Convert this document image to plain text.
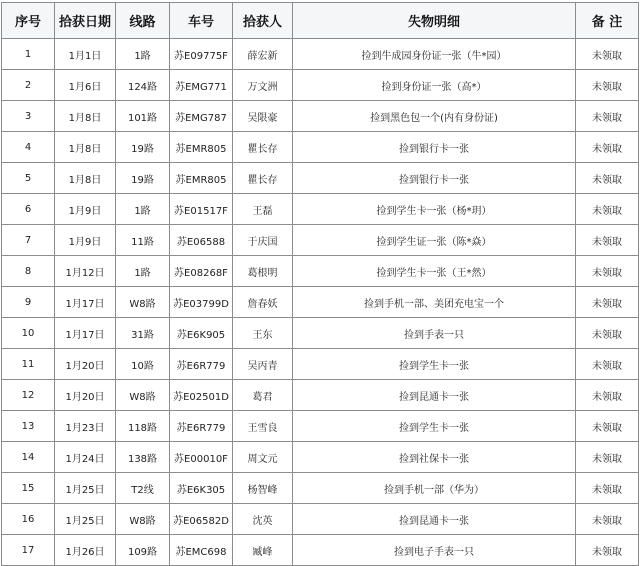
序号	拾获日期	线路	车号	拾获人	失物明细	备 注
1	1月1日	1路	苏E09775F	薛宏新	捡到牛成园身份证一张（牛*园）	未领取
2	1月6日	124路	苏EMG771	万文洲	捡到身份证一张（高*）	未领取
3	1月8日	101路	苏EMG787	吴限豪	捡到黑色包一个(内有身份证)	未领取
4	1月8日	19路	苏EMR805	瞿长存	捡到银行卡一张	未领取
5	1月8日	19路	苏EMR805	瞿长存	捡到银行卡一张	未领取
6	1月9日	1路	苏E01517F	王磊	捡到学生卡一张（杨*玥）	未领取
7	1月9日	11路	苏E06588	于庆国	捡到学生证一张（陈*焱）	未领取
8	1月12日	1路	苏E08268F	葛根明	捡到学生卡一张（王*然）	未领取
9	1月17日	W8路	苏E03799D	詹春妖	捡到手机一部、美团充电宝一个	未领取
10	1月17日	31路	苏E6K905	王东	捡到手表一只	未领取
11	1月20日	10路	苏E6R779	吴丙青	捡到学生卡一张	未领取
12	1月20日	W8路	苏E02501D	葛君	捡到昆通卡一张	未领取
13	1月23日	118路	苏E6R779	王雪良	捡到学生卡一张	未领取
14	1月24日	138路	苏E00010F	周文元	捡到社保卡一张	未领取
15	1月25日	T2线	苏E6K305	杨智峰	捡到手机一部（华为）	未领取
16	1月25日	W8路	苏E06582D	沈英	捡到昆通卡一张	未领取
17	1月26日	109路	苏EMC698	臧峰	捡到电子手表一只	未领取
